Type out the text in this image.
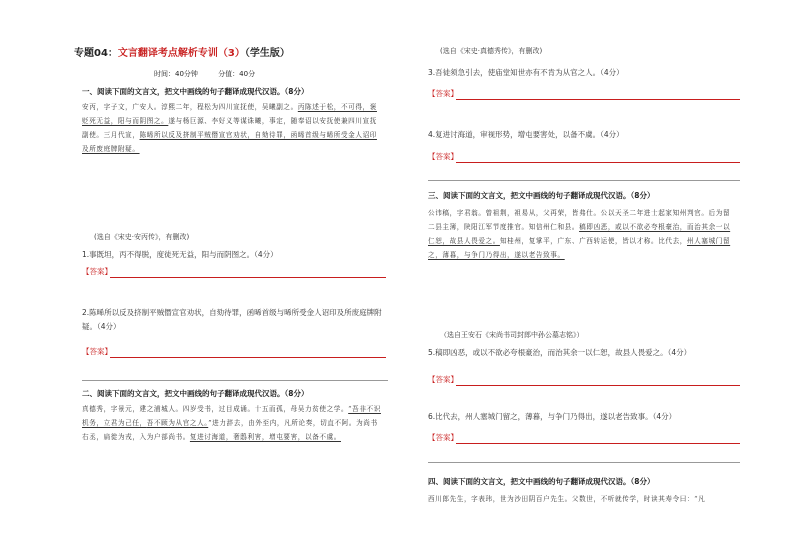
专题04：文言翻译考点解析专训（3）（学生版）
时间：40分钟	分值：40分
一、阅读下面的文言文，把文中画线的句子翻译成现代汉语。（8分）
安丙，字子文，广安人。淳熙二年，程松为四川宣抚使，吴曦副之。丙陈述于松，不可得，褒贬死无益，阳与而阴图之。遂与杨巨源、李好义等谋诛曦，事定，随奉诏以安抚使兼四川宣抚副使。三月代宣，陈晞所以反及挤制平贼僭宣官劝状，自劾待罪，函晞首级与晞所受金人诏印及所废庭牌附疑。
(选自《宋史·安丙传》，有删改)
1.事既坦，丙不得脱，度徒死无益，阳与而阴图之。（4分）
【答案】
2.陈晞所以反及挤制平贼僭宣官劝状，自劾待罪，函晞首级与晞所受金人诏印及所废庭牌附疑。（4分）
【答案】
二、阅读下面的文言文，把文中画线的句子翻译成现代汉语。（8分）
真德秀，字景元，建之浦城人。四岁受书，过目成诵。十五而孤，母吴力贫使之学。“吾非不识机务，立君为己任，吾不顾为从官之人。”进力辞去，由外至内，凡所论奏，切直不阿。为尚书右丞，扁徙为戎，入为户部尚书。复进讨海道，奢鸱利害，增屯要害，以备不虞。
(选自《宋史·真德秀传》，有删改)
3.吾徒须急引去，使庙堂知世亦有不肯为从官之人。（4分）
【答案】
4.复进讨海道，审视形势，增屯要害处，以备不虞。（4分）
【答案】
三、阅读下面的文言文，把文中画线的句子翻译成现代汉语。（8分）
公讳稿，字君翁。曾祖荆，祖易从，父再荣，皆弗仕。公以天圣二年进士起家知州判官。后为留二县主簿，陕阳江军节度推官。知信州仁和县。稿即凶恶，或以不欲必夸根豪治，而治其余一以仁恕，故县人畏爱之。知桂州，复掌平，广东、广西转运使，皆以才称。比代去，州人塞城门留之，薄暮，与争门乃得出，遂以老告致事。
（选自王安石《宋尚书司封郎中孙公墓志铭》）
5.稿即凶恶，或以不欲必夸根豪治，而治其余一以仁恕，故县人畏爱之。（4分）
【答案】
6.比代去，州人塞城门留之，薄暮，与争门乃得出，遂以老告致事。（4分）
【答案】
四、阅读下面的文言文，把文中画线的句子翻译成现代汉语。（8分）
西川郎先生，字表玮，世为沙田阴百户先生。父数世，不听就传学，时读其寿令曰：“凡
